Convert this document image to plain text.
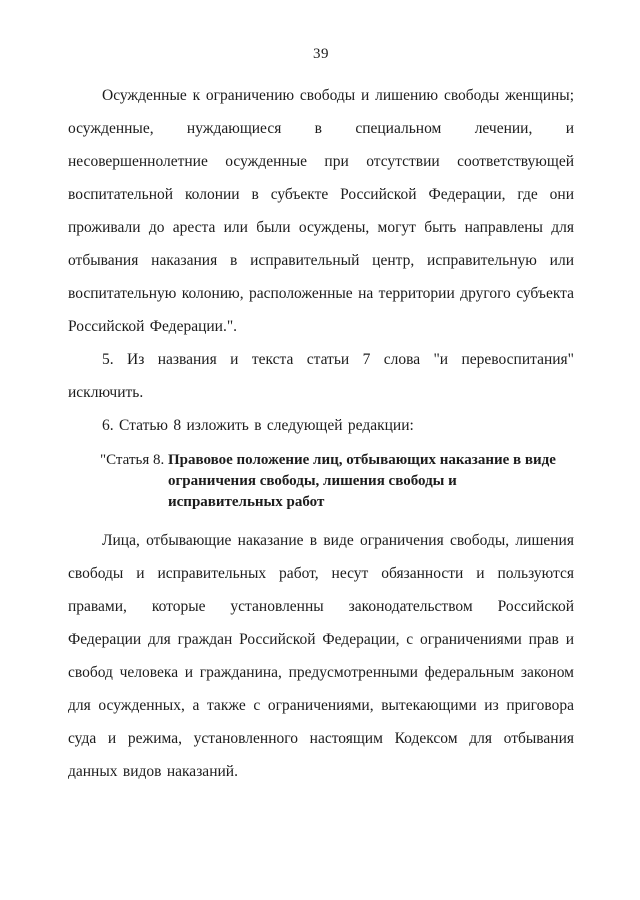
39

Осужденные к ограничению свободы и лишению свободы женщины; осужденные, нуждающиеся в специальном лечении, и несовершеннолетние осужденные при отсутствии соответствующей воспитательной колонии в субъекте Российской Федерации, где они проживали до ареста или были осуждены, могут быть направлены для отбывания наказания в исправительный центр, исправительную или воспитательную колонию, расположенные на территории другого субъекта Российской Федерации.".

5. Из названия и текста статьи 7 слова "и перевоспитания" исключить.

6. Статью 8 изложить в следующей редакции:

"Статья 8. Правовое положение лиц, отбывающих наказание в виде ограничения свободы, лишения свободы и исправительных работ

Лица, отбывающие наказание в виде ограничения свободы, лишения свободы и исправительных работ, несут обязанности и пользуются правами, которые установленны законодательством Российской Федерации для граждан Российской Федерации, с ограничениями прав и свобод человека и гражданина, предусмотренными федеральным законом для осужденных, а также с ограничениями, вытекающими из приговора суда и режима, установленного настоящим Кодексом для отбывания данных видов наказаний.
